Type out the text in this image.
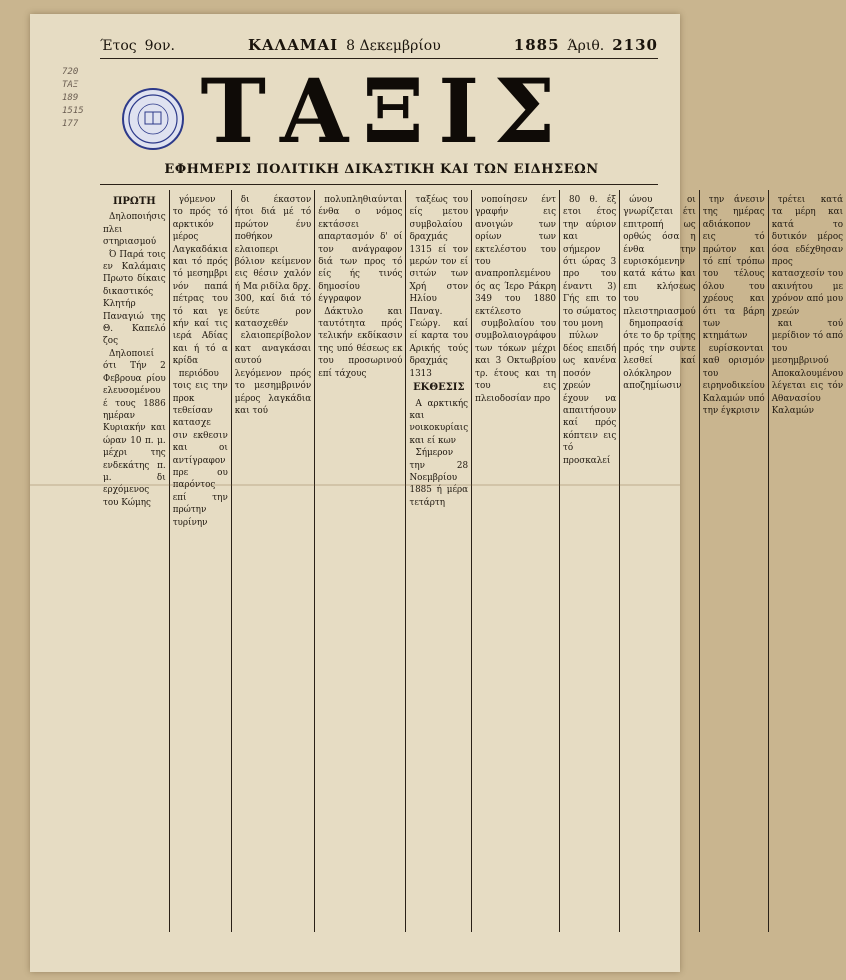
720
ΤΑΞ
189
1515
177
Έτος 9ον.	ΚΑΛΑΜΑΙ 8 Δεκεμβρίου	1885 Άριθ. 2130
ΤΑΞΙΣ
ΕΦΗΜΕΡΙΣ ΠΟΛΙΤΙΚΗ ΔΙΚΑΣΤΙΚΗ ΚΑΙ ΤΩΝ ΕΙΔΗΣΕΩΝ
ΠΡΩΤΗ
Δηλοποιήσις πλει στηριασμού
Ό Παρά τοις εν Καλάμαις Πρωτο δίκαις δικαστικός Κλητήρ Παναγιώ της Θ. Καπελό ζος
Δηλοποιεί ότι Τήν 2 Φεβρουα ρίου ελευσομένου έ τους 1886 ημέραν Κυριακήν και ώραν 10 π. μ. μέχρι της ενδεκάτης π. μ. δι ερχόμενος του Κώμης
γόμενον το πρός τό αρκτικόν μέρος Λαγκαδάκια και τό πρός τό μεσημβρι νόν παπά πέτρας του τό και γε κήν καί τις ιερά Αδίας και ή τό α κρίδα
περιόδου τοις εις την προκ τεθείσαν κατασχε σιν εκθεσιν και οι αντίγραφον πρε ου παρόντος επί την πρώτην τυρίνην
δι έκαστον ήτοι διά μέ τό πρώτον ένυ ποθήκον ελαιοπερι βόλιον κείμενον εις θέσιν χαλόν ή Μα ριδίλα δρχ. 300, καί διά τό δεύτε ρον κατασχεθέν
ελαιοπερίβολον κατ αναγκάσαι αυτού λεγόμενον πρός το μεσημβρινόν μέρος λαγκάδια και τού
πολυπληθιαύνται ένθα ο νόμος εκτάσσει απαρτασμόν δ' οί τον ανάγραφον διά των προς τό είς ής τινός δημοσίου έγγραφον
Δάκτυλο και ταυτότητα πρός τελικήν εκδίκασιν της υπό θέσεως εκ του προσωρινού επί τάχους
ταξέως του είς μετου συμβολαίου δραχμάς 1315 εί τον μερών τον εί σιτών των Χρή στον Ηλίου Παναγ. Γεώργ. καί εί καρτα του Αρικής τούς δραχμάς 1313
ΕΚΘΕΣΙΣ
Α αρκτικής και νοικοκυρίαις και εί κων
Σήμερον την 28 Νοεμβρίου 1885 ή μέρα τετάρτη
νοποίησεν έντ γραφήν εις ανοιγών των ορίων των εκτελέστου του του αναπροπλεμένου ός ας Ίερο Ράκρη 349 του 1880 εκτέλεστο
συμβολαίου του συμβολαιογράφου των τόκων μέχρι και 3 Οκτωβρίου τρ. έτους και τη του εις πλειοδοσίαν προ
80 θ. έξ ετοι έτος την αύριον και σήμερον ότι ώρας 3 προ του έναντι 3) Γής επι το το σώματος του μονη
πύλων δέος επειδή ως κανένα ποσόν χρεών έχουν να απαιτήσουν καί πρός κόπτειν εις τό προσκαλεί
ώνου οι γνωρίζεται έτι επιτροπή ως ορθώς όσα η ένθα την ευρισκόμενην κατά κάτω και επι κλήσεως του πλειστηριασμού
δημοπρασία ότε το δρ τρίτης πρός την συντε λεσθεί καί ολόκληρον αποζημίωσιν
την άνεσιν της ημέρας αδιάκοπον εις τό πρώτον και τό επί τρόπω του τέλους όλου του χρέους και ότι τα βάρη των κτημάτων
ευρίσκονται καθ ορισμόν του ειρηνοδικείου Καλαμών υπό την έγκρισιν
τρέτει κατά τα μέρη και κατά το δυτικόν μέρος όσα εδέχθησαν προς κατασχεσίν του ακινήτου με χρόνον από μου χρεών
και τού μερίδιον τό από του μεσημβρινού Αποκαλουμένου λέγεται εις τόν Αθανασίου Καλαμών
